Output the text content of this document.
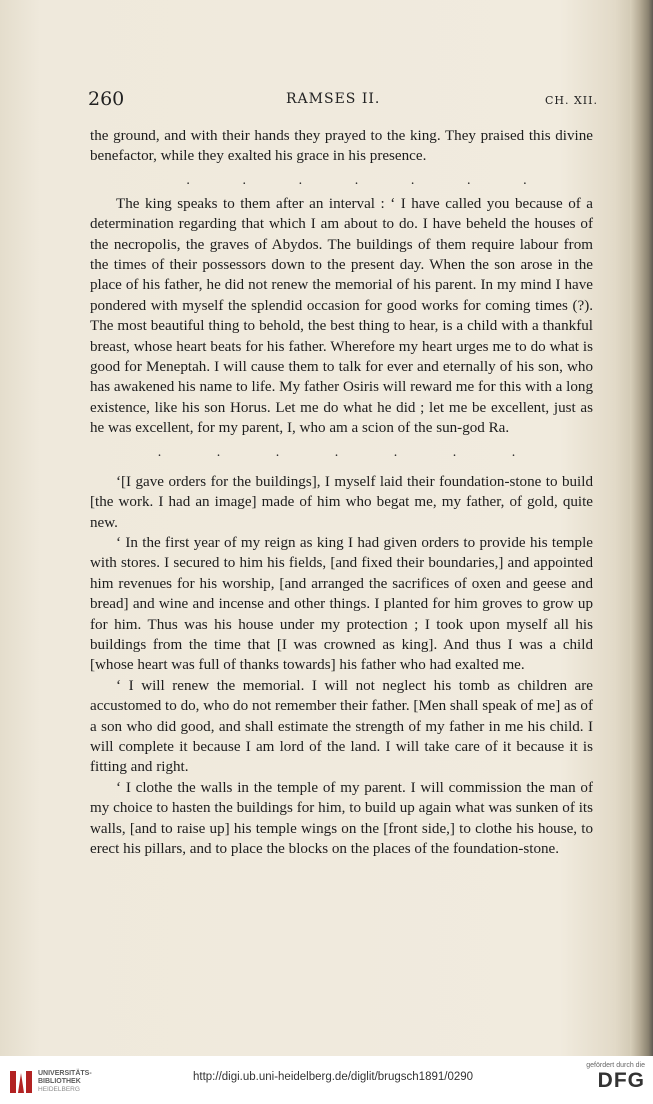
260	RAMSES II.	CH. XII.

the ground, and with their hands they prayed to the king. They praised this divine benefactor, while they exalted his grace in his presence.

.	.	.	.	.	.	.

The king speaks to them after an interval : ‘ I have called you because of a determination regarding that which I am about to do. I have beheld the houses of the necropolis, the graves of Abydos. The buildings of them require labour from the times of their possessors down to the present day. When the son arose in the place of his father, he did not renew the memorial of his parent. In my mind I have pondered with myself the splendid occasion for good works for coming times (?). The most beautiful thing to behold, the best thing to hear, is a child with a thankful breast, whose heart beats for his father. Wherefore my heart urges me to do what is good for Meneptah. I will cause them to talk for ever and eternally of his son, who has awakened his name to life. My father Osiris will reward me for this with a long existence, like his son Horus. Let me do what he did ; let me be excellent, just as he was excellent, for my parent, I, who am a scion of the sun-god Ra.

.	.	.	.	.	.	.

‘[I gave orders for the buildings], I myself laid their foundation-stone to build [the work. I had an image] made of him who begat me, my father, of gold, quite new.

‘ In the first year of my reign as king I had given orders to provide his temple with stores. I secured to him his fields, [and fixed their boundaries,] and appointed him revenues for his worship, [and arranged the sacrifices of oxen and geese and bread] and wine and incense and other things. I planted for him groves to grow up for him. Thus was his house under my protection ; I took upon myself all his buildings from the time that [I was crowned as king]. And thus I was a child [whose heart was full of thanks towards] his father who had exalted me.

‘ I will renew the memorial. I will not neglect his tomb as children are accustomed to do, who do not remember their father. [Men shall speak of me] as of a son who did good, and shall estimate the strength of my father in me his child. I will complete it because I am lord of the land. I will take care of it because it is fitting and right.

‘ I clothe the walls in the temple of my parent. I will commission the man of my choice to hasten the buildings for him, to build up again what was sunken of its walls, [and to raise up] his temple wings on the [front side,] to clothe his house, to erect his pillars, and to place the blocks on the places of the foundation-stone.

UNIVERSITÄTS-
BIBLIOTHEK
HEIDELBERG
http://digi.ub.uni-heidelberg.de/diglit/brugsch1891/0290
gefördert durch die
DFG
